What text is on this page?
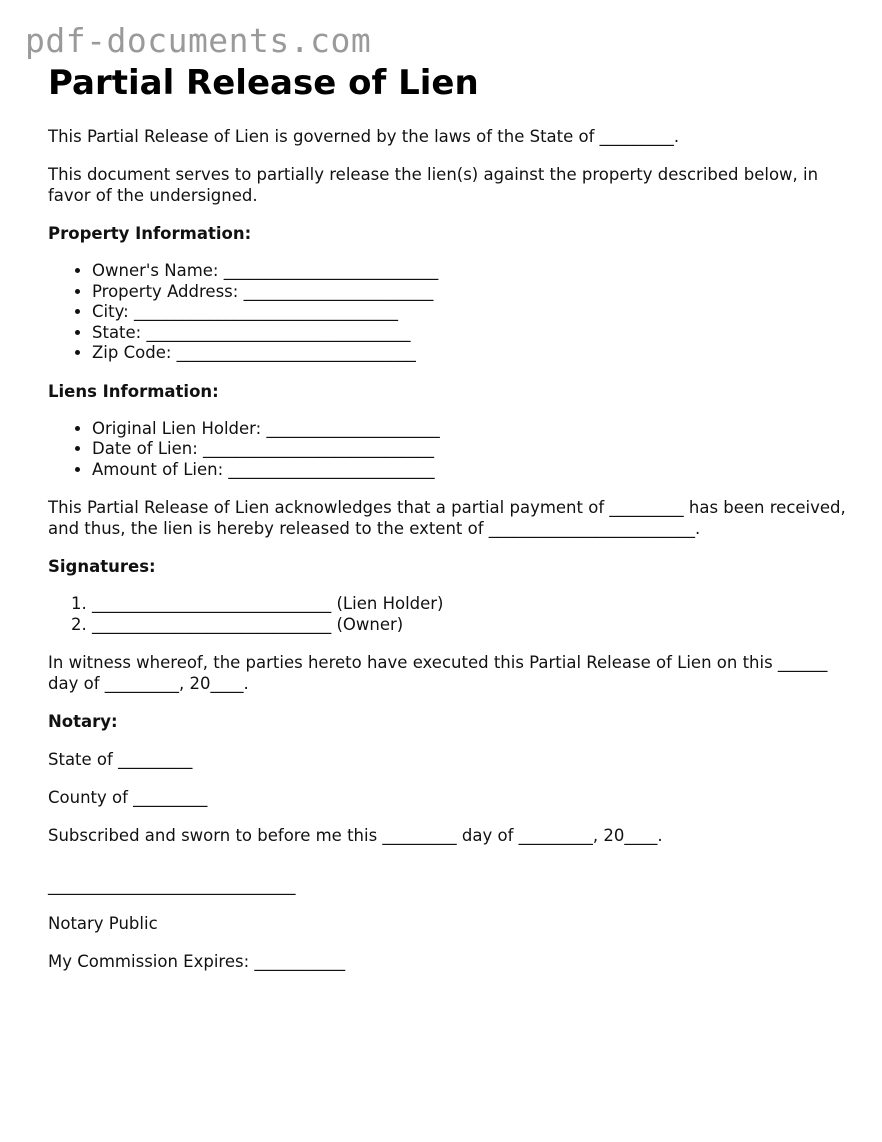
pdf-documents.com
Partial Release of Lien

This Partial Release of Lien is governed by the laws of the State of _________.

This document serves to partially release the lien(s) against the property described below, in favor of the undersigned.

Property Information:

• Owner's Name: __________________________
• Property Address: _______________________
• City: ________________________________
• State: ________________________________
• Zip Code: _____________________________

Liens Information:

• Original Lien Holder: _____________________
• Date of Lien: ____________________________
• Amount of Lien: _________________________

This Partial Release of Lien acknowledges that a partial payment of _________ has been received, and thus, the lien is hereby released to the extent of _________________________.

Signatures:

1. _____________________________ (Lien Holder)
2. _____________________________ (Owner)

In witness whereof, the parties hereto have executed this Partial Release of Lien on this ______ day of _________, 20____.

Notary:

State of _________

County of _________

Subscribed and sworn to before me this _________ day of _________, 20____.

______________________________

Notary Public

My Commission Expires: ___________
